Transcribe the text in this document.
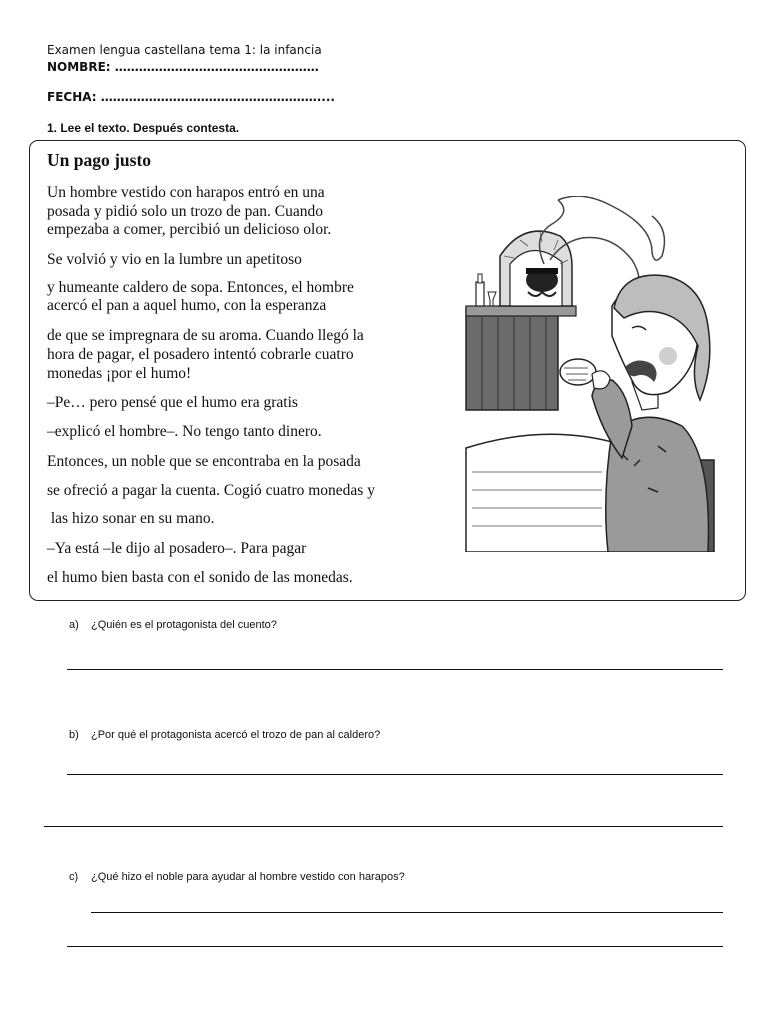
Examen lengua castellana tema 1: la infancia
NOMBRE: ……………………………………………
FECHA: ………………………………………………....
1. Lee el texto. Después contesta.
Un pago justo
Un hombre vestido con harapos entró en una
posada y pidió solo un trozo de pan. Cuando
empezaba a comer, percibió un delicioso olor.
Se volvió y vio en la lumbre un apetitoso
y humeante caldero de sopa. Entonces, el hombre
acercó el pan a aquel humo, con la esperanza
de que se impregnara de su aroma. Cuando llegó la
hora de pagar, el posadero intentó cobrarle cuatro
monedas ¡por el humo!
–Pe… pero pensé que el humo era gratis
–explicó el hombre–. No tengo tanto dinero.
Entonces, un noble que se encontraba en la posada
se ofreció a pagar la cuenta. Cogió cuatro monedas y
las hizo sonar en su mano.
–Ya está –le dijo al posadero–. Para pagar
el humo bien basta con el sonido de las monedas.
a) ¿Quién es el protagonista del cuento?
b) ¿Por qué el protagonista acercó el trozo de pan al caldero?
c) ¿Qué hizo el noble para ayudar al hombre vestido con harapos?
